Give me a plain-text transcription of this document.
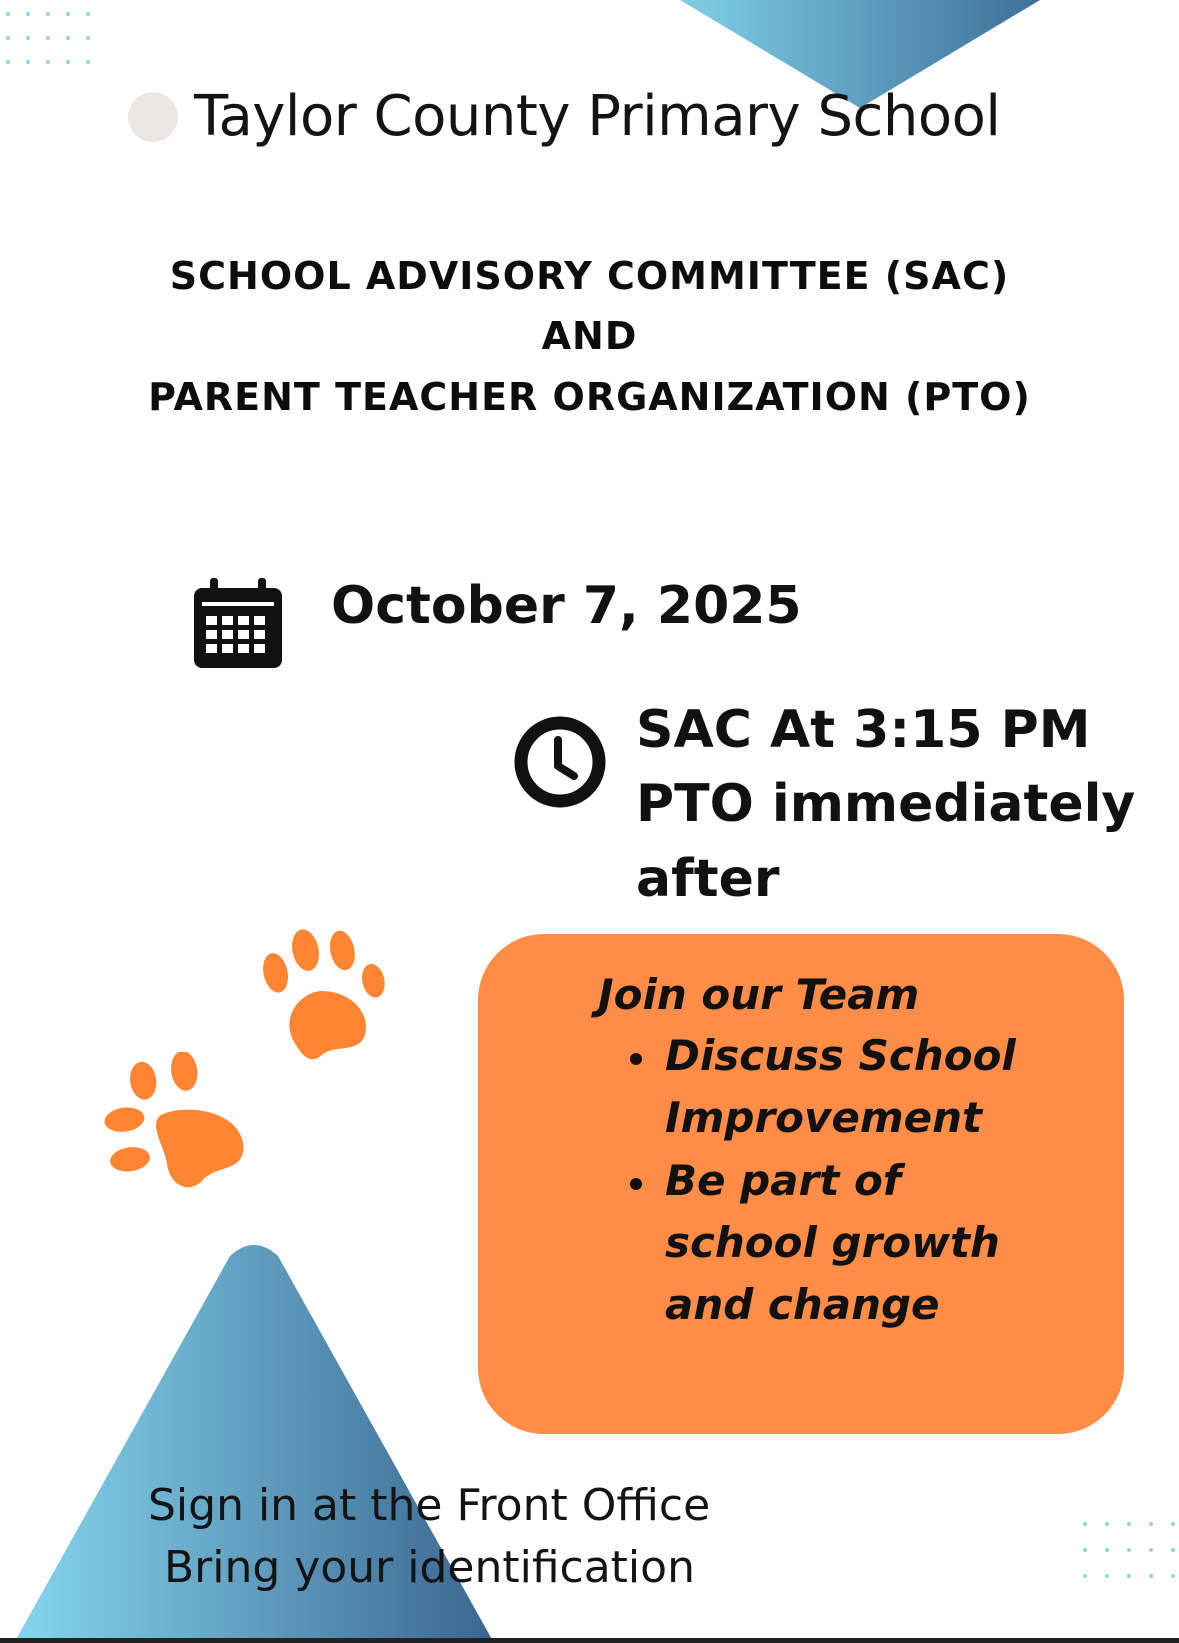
Taylor County Primary School
SCHOOL ADVISORY COMMITTEE (SAC)
AND
PARENT TEACHER ORGANIZATION (PTO)
October 7, 2025
SAC At 3:15 PM
PTO immediately
after
Join our Team
Discuss School
Improvement
Be part of
school growth
and change
Sign in at the Front Office
Bring your identification
